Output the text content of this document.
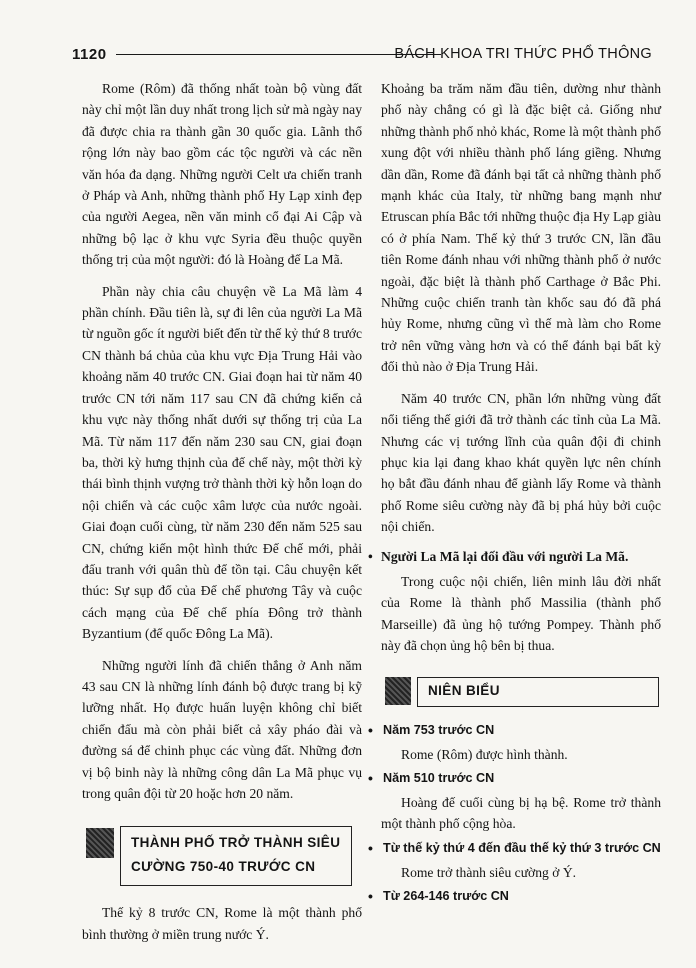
1120	BÁCH KHOA TRI THỨC PHỔ THÔNG

Rome (Rôm) đã thống nhất toàn bộ vùng đất này chỉ một lần duy nhất trong lịch sử mà ngày nay đã được chia ra thành gần 30 quốc gia. Lãnh thổ rộng lớn này bao gồm các tộc người và các nền văn hóa đa dạng. Những người Celt ưa chiến tranh ở Pháp và Anh, những thành phố Hy Lạp xinh đẹp của người Aegea, nền văn minh cổ đại Ai Cập và những bộ lạc ở khu vực Syria đều thuộc quyền thống trị của một người: đó là Hoàng đế La Mã.

Phần này chia câu chuyện về La Mã làm 4 phần chính. Đầu tiên là, sự đi lên của người La Mã từ nguồn gốc ít người biết đến từ thế kỷ thứ 8 trước CN thành bá chủa của khu vực Địa Trung Hải vào khoảng năm 40 trước CN. Giai đoạn hai từ năm 40 trước CN tới năm 117 sau CN đã chứng kiến cả khu vực này thống nhất dưới sự thống trị của La Mã. Từ năm 117 đến năm 230 sau CN, giai đoạn ba, thời kỳ hưng thịnh của đế chế này, một thời kỳ thái bình thịnh vượng trở thành thời kỳ hỗn loạn do nội chiến và các cuộc xâm lược của nước ngoài. Giai đoạn cuối cùng, từ năm 230 đến năm 525 sau CN, chứng kiến một hình thức Đế chế mới, phải đấu tranh với quân thù để tồn tại. Câu chuyện kết thúc: Sự sụp đổ của Đế chế phương Tây và cuộc cách mạng của Đế chế phía Đông trở thành Byzantium (đế quốc Đông La Mã).

Những người lính đã chiến thắng ở Anh năm 43 sau CN là những lính đánh bộ được trang bị kỹ lưỡng nhất. Họ được huấn luyện không chỉ biết chiến đấu mà còn phải biết cả xây pháo đài và đường sá để chinh phục các vùng đất. Những đơn vị bộ binh này là những công dân La Mã phục vụ trong quân đội từ 20 hoặc hơn 20 năm.

THÀNH PHỐ TRỞ THÀNH SIÊU
CƯỜNG 750-40 TRƯỚC CN

Thế kỷ 8 trước CN, Rome là một thành phố bình thường ở miền trung nước Ý.

Khoảng ba trăm năm đầu tiên, dường như thành phố này chẳng có gì là đặc biệt cả. Giống như những thành phố nhỏ khác, Rome là một thành phố xung đột với nhiều thành phố láng giềng. Nhưng dần dần, Rome đã đánh bại tất cả những thành phố mạnh khác của Italy, từ những bang mạnh như Etruscan phía Bắc tới những thuộc địa Hy Lạp giàu có ở phía Nam. Thế kỷ thứ 3 trước CN, lần đầu tiên Rome đánh nhau với những thành phố ở nước ngoài, đặc biệt là thành phố Carthage ở Bắc Phi. Những cuộc chiến tranh tàn khốc sau đó đã phá hủy Rome, nhưng cũng vì thế mà làm cho Rome trở nên vững vàng hơn và có thể đánh bại bất kỳ đối thủ nào ở Địa Trung Hải.

Năm 40 trước CN, phần lớn những vùng đất nổi tiếng thế giới đã trở thành các tỉnh của La Mã. Nhưng các vị tướng lĩnh của quân đội đi chinh phục kia lại đang khao khát quyền lực nên chính họ bắt đầu đánh nhau để giành lấy Rome và thành phố Rome siêu cường này đã bị phá hủy bởi cuộc nội chiến.

• Người La Mã lại đối đầu với người La Mã.

Trong cuộc nội chiến, liên minh lâu đời nhất của Rome là thành phố Massilia (thành phố Marseille) đã ủng hộ tướng Pompey. Thành phố này đã chọn ủng hộ bên bị thua.

NIÊN BIỂU
• Năm 753 trước CN

Rome (Rôm) được hình thành.

• Năm 510 trước CN

Hoàng đế cuối cùng bị hạ bệ. Rome trở thành một thành phố cộng hòa.

• Từ thế kỷ thứ 4 đến đầu thế kỷ thứ 3 trước CN

Rome trở thành siêu cường ở Ý.

• Từ 264-146 trước CN
